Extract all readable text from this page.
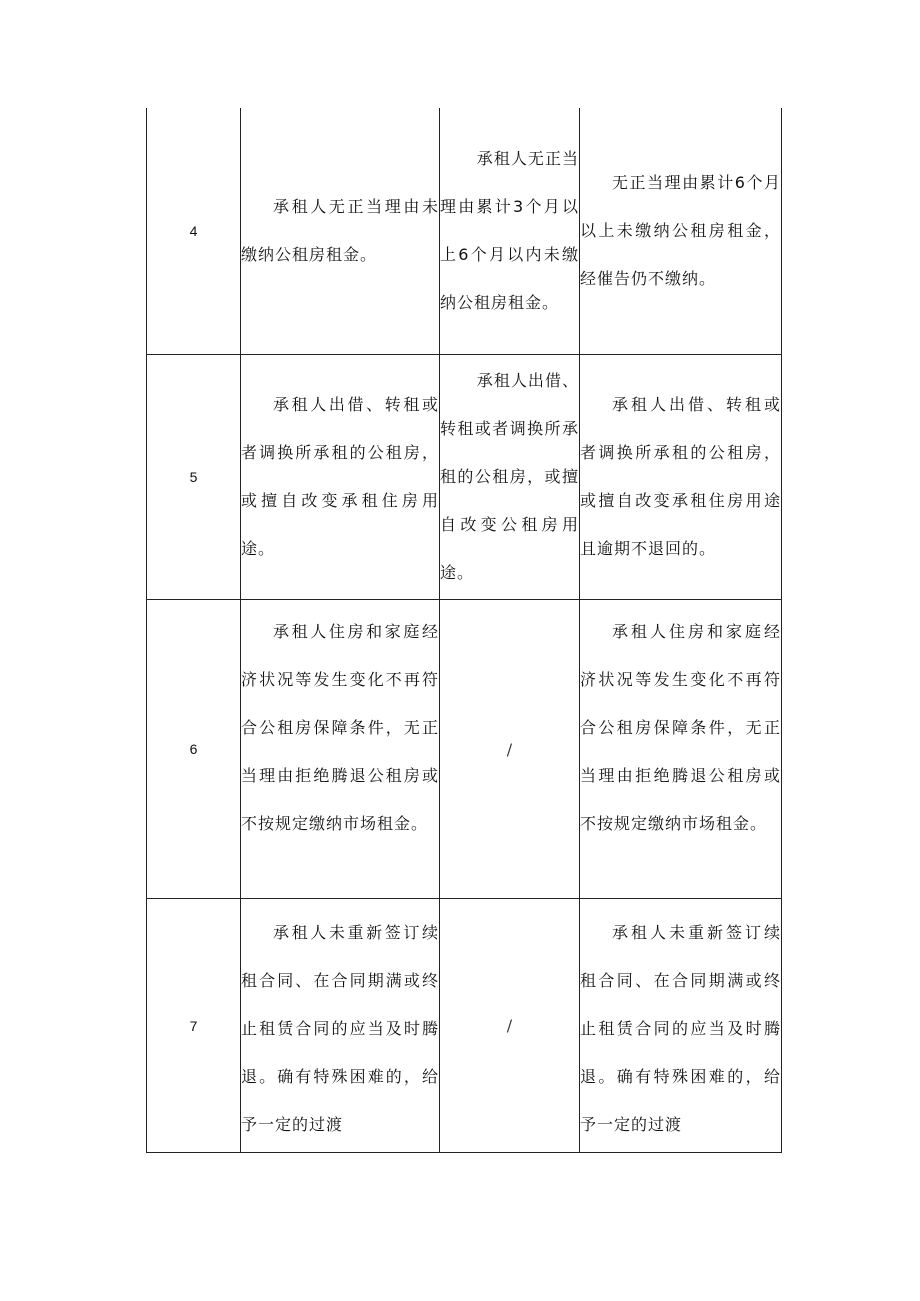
4	承租人无正当理由未缴纳公租房租金。	承租人无正当理由累计3个月以上6个月以内未缴纳公租房租金。	无正当理由累计6个月以上未缴纳公租房租金，经催告仍不缴纳。

5	承租人出借、转租或者调换所承租的公租房，或擅自改变承租住房用途。	承租人出借、转租或者调换所承租的公租房，或擅自改变公租房用途。	承租人出借、转租或者调换所承租的公租房，或擅自改变承租住房用途且逾期不退回的。

6	承租人住房和家庭经济状况等发生变化不再符合公租房保障条件，无正当理由拒绝腾退公租房或不按规定缴纳市场租金。	/	承租人住房和家庭经济状况等发生变化不再符合公租房保障条件，无正当理由拒绝腾退公租房或不按规定缴纳市场租金。

7	承租人未重新签订续租合同、在合同期满或终止租赁合同的应当及时腾退。确有特殊困难的，给予一定的过渡	/	承租人未重新签订续租合同、在合同期满或终止租赁合同的应当及时腾退。确有特殊困难的，给予一定的过渡
